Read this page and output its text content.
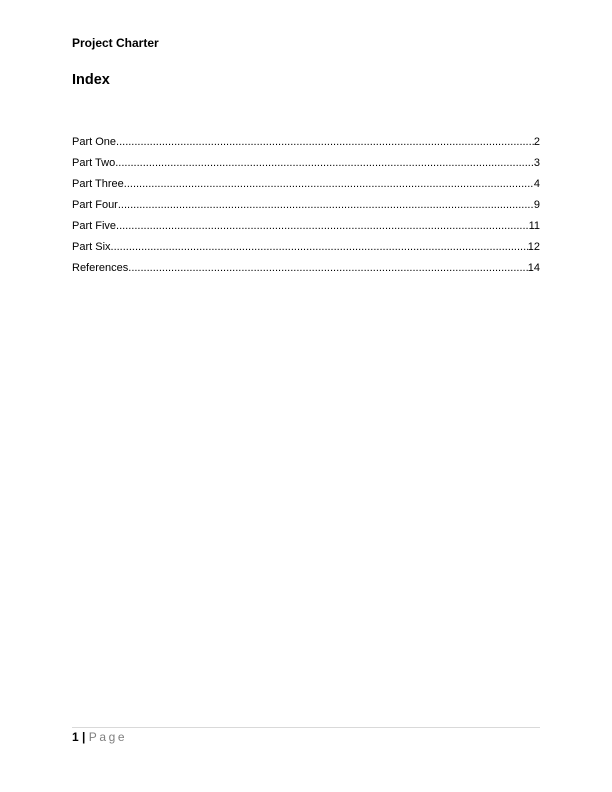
Project Charter
Index
Part One .....	2
Part Two .....	3
Part Three .....	4
Part Four .....	9
Part Five .....	11
Part Six .....	12
References .....	14
1 | Page
